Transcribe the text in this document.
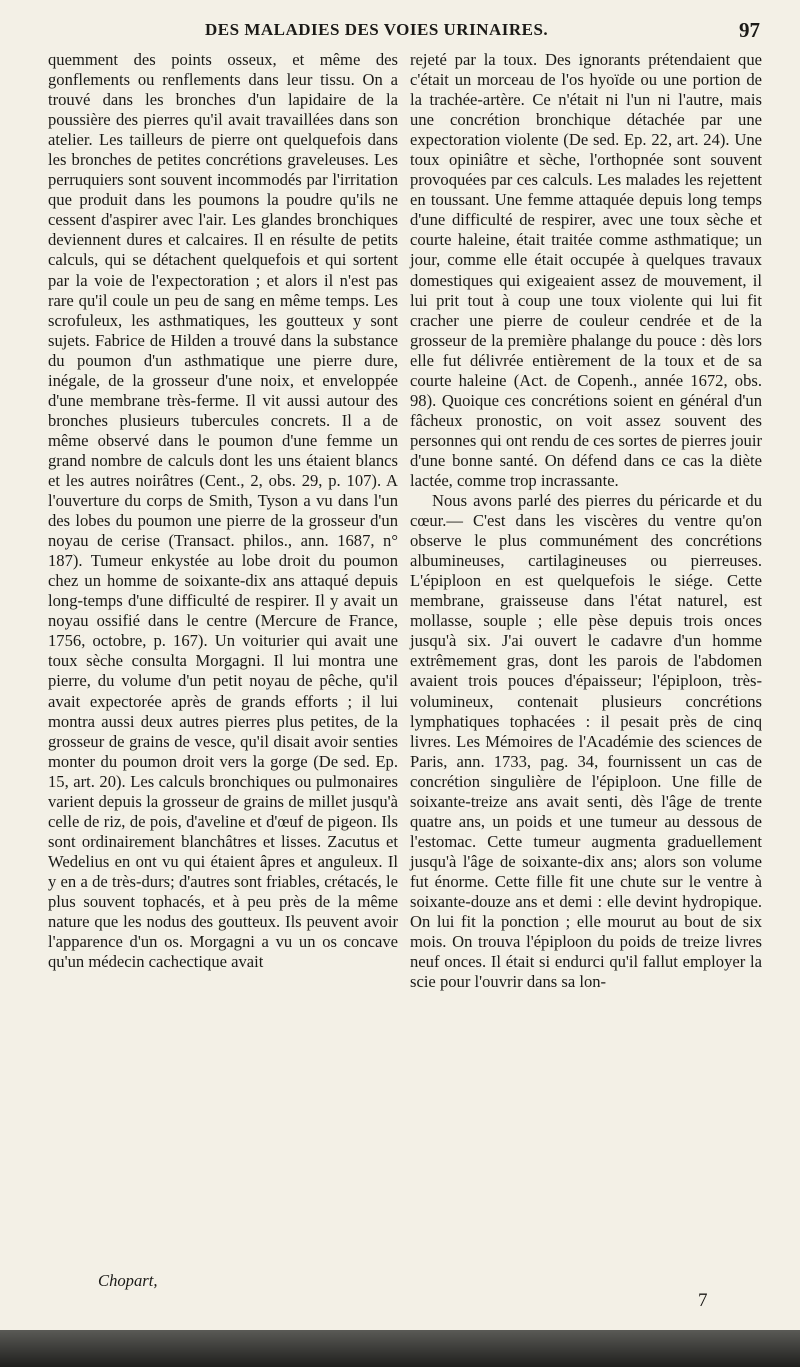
DES MALADIES DES VOIES URINAIRES.	97

quemment des points osseux, et même des gonflements ou renflements dans leur tissu. On a trouvé dans les bronches d'un lapidaire de la poussière des pierres qu'il avait travaillées dans son atelier. Les tailleurs de pierre ont quelquefois dans les bronches de petites concrétions graveleuses. Les perruquiers sont souvent incommodés par l'irritation que produit dans les poumons la poudre qu'ils ne cessent d'aspirer avec l'air. Les glandes bronchiques deviennent dures et calcaires. Il en résulte de petits calculs, qui se détachent quelquefois et qui sortent par la voie de l'expectoration ; et alors il n'est pas rare qu'il coule un peu de sang en même temps. Les scrofuleux, les asthmatiques, les goutteux y sont sujets. Fabrice de Hilden a trouvé dans la substance du poumon d'un asthmatique une pierre dure, inégale, de la grosseur d'une noix, et enveloppée d'une membrane très-ferme. Il vit aussi autour des bronches plusieurs tubercules concrets. Il a de même observé dans le poumon d'une femme un grand nombre de calculs dont les uns étaient blancs et les autres noirâtres (Cent., 2, obs. 29, p. 107). A l'ouverture du corps de Smith, Tyson a vu dans l'un des lobes du poumon une pierre de la grosseur d'un noyau de cerise (Transact. philos., ann. 1687, n° 187). Tumeur enkystée au lobe droit du poumon chez un homme de soixante-dix ans attaqué depuis long-temps d'une difficulté de respirer. Il y avait un noyau ossifié dans le centre (Mercure de France, 1756, octobre, p. 167). Un voiturier qui avait une toux sèche consulta Morgagni. Il lui montra une pierre, du volume d'un petit noyau de pêche, qu'il avait expectorée après de grands efforts ; il lui montra aussi deux autres pierres plus petites, de la grosseur de grains de vesce, qu'il disait avoir senties monter du poumon droit vers la gorge (De sed. Ep. 15, art. 20). Les calculs bronchiques ou pulmonaires varient depuis la grosseur de grains de millet jusqu'à celle de riz, de pois, d'aveline et d'œuf de pigeon. Ils sont ordinairement blanchâtres et lisses. Zacutus et Wedelius en ont vu qui étaient âpres et anguleux. Il y en a de très-durs; d'autres sont friables, crétacés, le plus souvent tophacés, et à peu près de la même nature que les nodus des goutteux. Ils peuvent avoir l'apparence d'un os. Morgagni a vu un os concave qu'un médecin cachectique avait

rejeté par la toux. Des ignorants prétendaient que c'était un morceau de l'os hyoïde ou une portion de la trachée-artère. Ce n'était ni l'un ni l'autre, mais une concrétion bronchique détachée par une expectoration violente (De sed. Ep. 22, art. 24). Une toux opiniâtre et sèche, l'orthopnée sont souvent provoquées par ces calculs. Les malades les rejettent en toussant. Une femme attaquée depuis long temps d'une difficulté de respirer, avec une toux sèche et courte haleine, était traitée comme asthmatique; un jour, comme elle était occupée à quelques travaux domestiques qui exigeaient assez de mouvement, il lui prit tout à coup une toux violente qui lui fit cracher une pierre de couleur cendrée et de la grosseur de la première phalange du pouce : dès lors elle fut délivrée entièrement de la toux et de sa courte haleine (Act. de Copenh., année 1672, obs. 98). Quoique ces concrétions soient en général d'un fâcheux pronostic, on voit assez souvent des personnes qui ont rendu de ces sortes de pierres jouir d'une bonne santé. On défend dans ce cas la diète lactée, comme trop incrassante.

Nous avons parlé des pierres du péricarde et du cœur.— C'est dans les viscères du ventre qu'on observe le plus communément des concrétions albumineuses, cartilagineuses ou pierreuses. L'épiploon en est quelquefois le siége. Cette membrane, graisseuse dans l'état naturel, est mollasse, souple ; elle pèse depuis trois onces jusqu'à six. J'ai ouvert le cadavre d'un homme extrêmement gras, dont les parois de l'abdomen avaient trois pouces d'épaisseur; l'épiploon, très-volumineux, contenait plusieurs concrétions lymphatiques tophacées : il pesait près de cinq livres. Les Mémoires de l'Académie des sciences de Paris, ann. 1733, pag. 34, fournissent un cas de concrétion singulière de l'épiploon. Une fille de soixante-treize ans avait senti, dès l'âge de trente quatre ans, un poids et une tumeur au dessous de l'estomac. Cette tumeur augmenta graduellement jusqu'à l'âge de soixante-dix ans; alors son volume fut énorme. Cette fille fit une chute sur le ventre à soixante-douze ans et demi : elle devint hydropique. On lui fit la ponction ; elle mourut au bout de six mois. On trouva l'épiploon du poids de treize livres neuf onces. Il était si endurci qu'il fallut employer la scie pour l'ouvrir dans sa lon-

Chopart,
7
